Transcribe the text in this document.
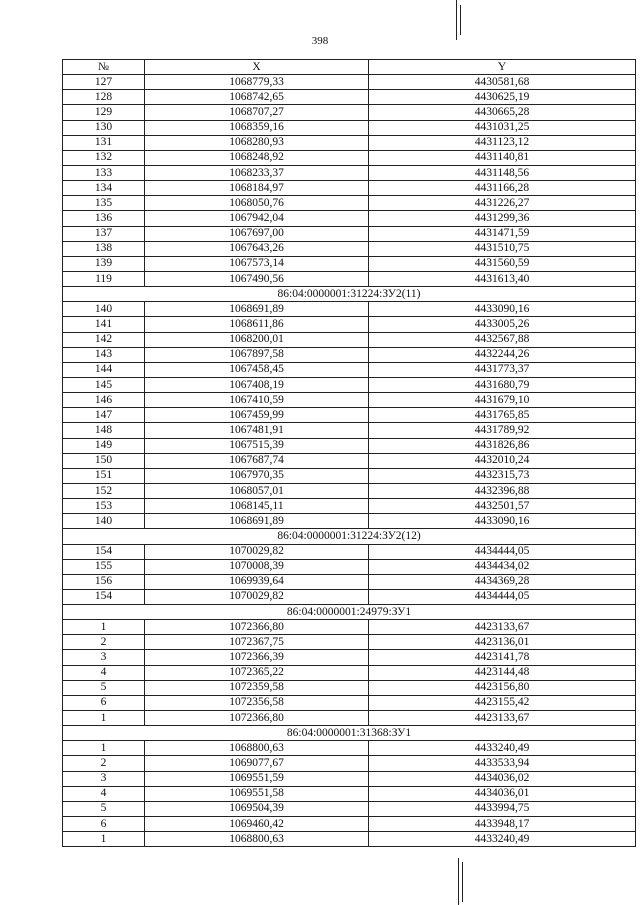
398
№	X	Y
127	1068779,33	4430581,68
128	1068742,65	4430625,19
129	1068707,27	4430665,28
130	1068359,16	4431031,25
131	1068280,93	4431123,12
132	1068248,92	4431140,81
133	1068233,37	4431148,56
134	1068184,97	4431166,28
135	1068050,76	4431226,27
136	1067942,04	4431299,36
137	1067697,00	4431471,59
138	1067643,26	4431510,75
139	1067573,14	4431560,59
119	1067490,56	4431613,40
86:04:0000001:31224:ЗУ2(11)		
140	1068691,89	4433090,16
141	1068611,86	4433005,26
142	1068200,01	4432567,88
143	1067897,58	4432244,26
144	1067458,45	4431773,37
145	1067408,19	4431680,79
146	1067410,59	4431679,10
147	1067459,99	4431765,85
148	1067481,91	4431789,92
149	1067515,39	4431826,86
150	1067687,74	4432010,24
151	1067970,35	4432315,73
152	1068057,01	4432396,88
153	1068145,11	4432501,57
140	1068691,89	4433090,16
86:04:0000001:31224:ЗУ2(12)		
154	1070029,82	4434444,05
155	1070008,39	4434434,02
156	1069939,64	4434369,28
154	1070029,82	4434444,05
86:04:0000001:24979:ЗУ1		
1	1072366,80	4423133,67
2	1072367,75	4423136,01
3	1072366,39	4423141,78
4	1072365,22	4423144,48
5	1072359,58	4423156,80
6	1072356,58	4423155,42
1	1072366,80	4423133,67
86:04:0000001:31368:ЗУ1		
1	1068800,63	4433240,49
2	1069077,67	4433533,94
3	1069551,59	4434036,02
4	1069551,58	4434036,01
5	1069504,39	4433994,75
6	1069460,42	4433948,17
1	1068800,63	4433240,49
